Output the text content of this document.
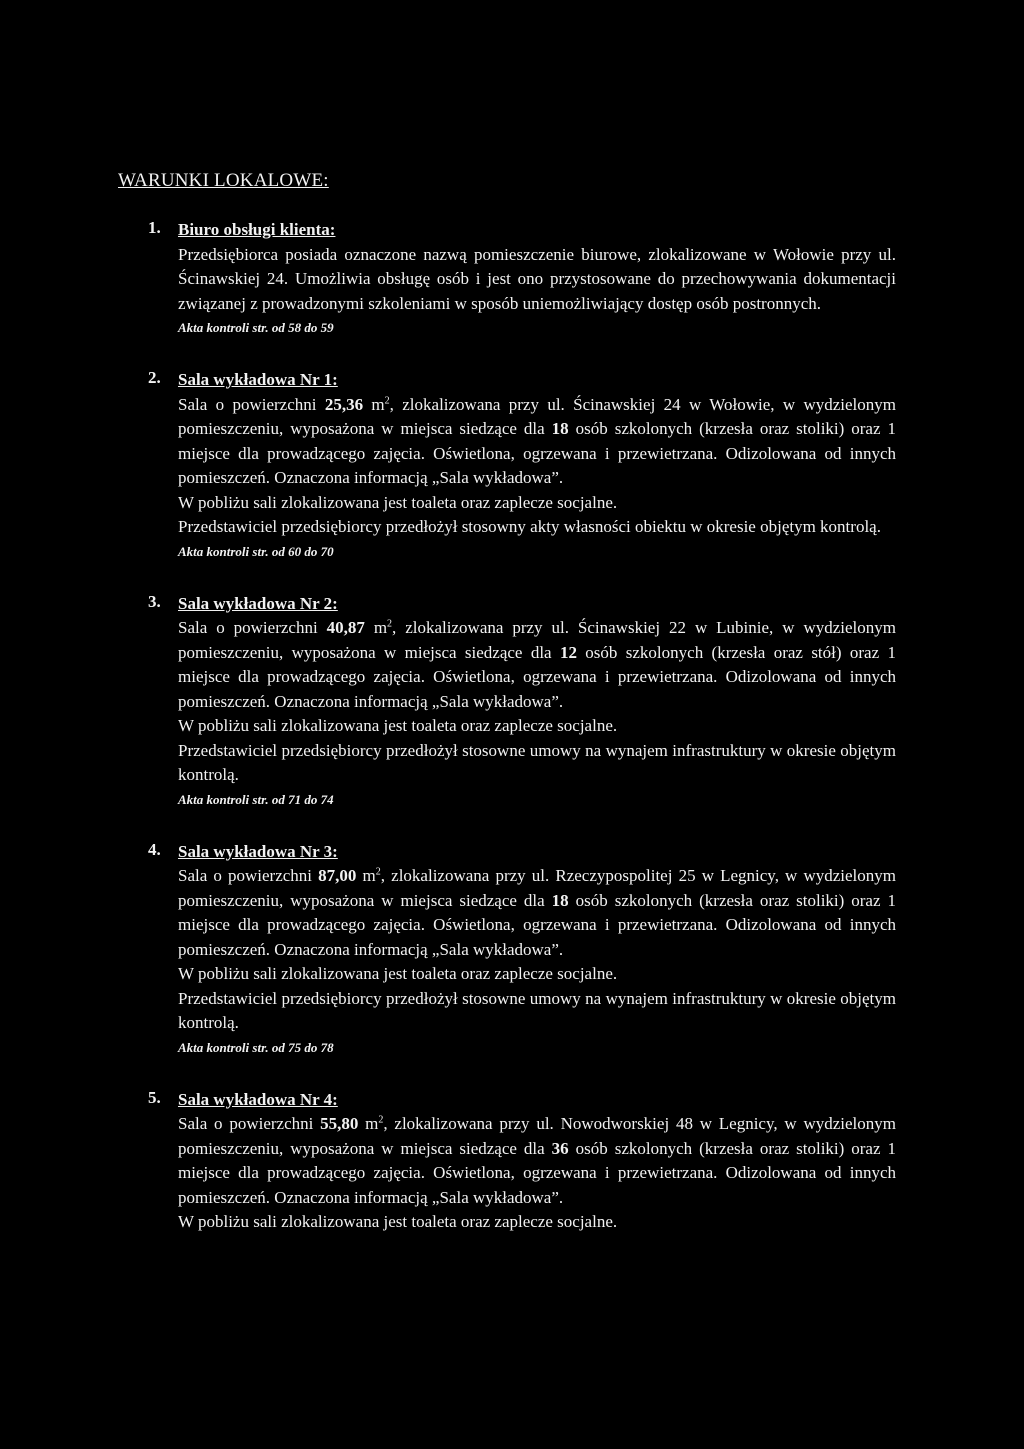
WARUNKI LOKALOWE:
1. Biuro obsługi klienta:
Przedsiębiorca posiada oznaczone nazwą pomieszczenie biurowe, zlokalizowane w Wołowie przy ul. Ścinawskiej 24. Umożliwia obsługę osób i jest ono przystosowane do przechowywania dokumentacji związanej z prowadzonymi szkoleniami w sposób uniemożliwiający dostęp osób postronnych.
Akta kontroli str. od 58 do 59
2. Sala wykładowa Nr 1:
Sala o powierzchni 25,36 $m^2$, zlokalizowana przy ul. Ścinawskiej 24 w Wołowie, w wydzielonym pomieszczeniu, wyposażona w miejsca siedzące dla 18 osób szkolonych (krzesła oraz stoliki) oraz 1 miejsce dla prowadzącego zajęcia. Oświetlona, ogrzewana i przewietrzana. Odizolowana od innych pomieszczeń. Oznaczona informacją „Sala wykładowa”.
W pobliżu sali zlokalizowana jest toaleta oraz zaplecze socjalne.
Przedstawiciel przedsiębiorcy przedłożył stosowny akty własności obiektu w okresie objętym kontrolą.
Akta kontroli str. od 60 do 70
3. Sala wykładowa Nr 2:
Sala o powierzchni 40,87 $m^2$, zlokalizowana przy ul. Ścinawskiej 22 w Lubinie, w wydzielonym pomieszczeniu, wyposażona w miejsca siedzące dla 12 osób szkolonych (krzesła oraz stół) oraz 1 miejsce dla prowadzącego zajęcia. Oświetlona, ogrzewana i przewietrzana. Odizolowana od innych pomieszczeń. Oznaczona informacją „Sala wykładowa”.
W pobliżu sali zlokalizowana jest toaleta oraz zaplecze socjalne.
Przedstawiciel przedsiębiorcy przedłożył stosowne umowy na wynajem infrastruktury w okresie objętym kontrolą.
Akta kontroli str. od 71 do 74
4. Sala wykładowa Nr 3:
Sala o powierzchni 87,00 $m^2$, zlokalizowana przy ul. Rzeczypospolitej 25 w Legnicy, w wydzielonym pomieszczeniu, wyposażona w miejsca siedzące dla 18 osób szkolonych (krzesła oraz stoliki) oraz 1 miejsce dla prowadzącego zajęcia. Oświetlona, ogrzewana i przewietrzana. Odizolowana od innych pomieszczeń. Oznaczona informacją „Sala wykładowa”.
W pobliżu sali zlokalizowana jest toaleta oraz zaplecze socjalne.
Przedstawiciel przedsiębiorcy przedłożył stosowne umowy na wynajem infrastruktury w okresie objętym kontrolą.
Akta kontroli str. od 75 do 78
5. Sala wykładowa Nr 4:
Sala o powierzchni 55,80 $m^2$, zlokalizowana przy ul. Nowodworskiej 48 w Legnicy, w wydzielonym pomieszczeniu, wyposażona w miejsca siedzące dla 36 osób szkolonych (krzesła oraz stoliki) oraz 1 miejsce dla prowadzącego zajęcia. Oświetlona, ogrzewana i przewietrzana. Odizolowana od innych pomieszczeń. Oznaczona informacją „Sala wykładowa”.
W pobliżu sali zlokalizowana jest toaleta oraz zaplecze socjalne.
